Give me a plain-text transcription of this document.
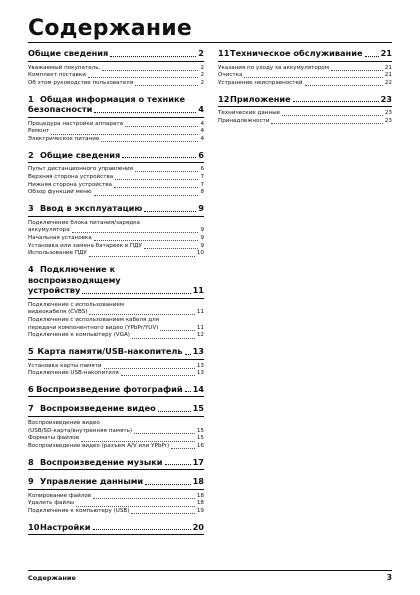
Содержание
Общие сведения	2
Уважаемый покупатель,	2
Комплект поставки	2
Об этом руководстве пользователя	2
1 Общая информация о технике
безопасности	4
Процедура настройки аппарата	4
Ремонт	4
Электрическое питание	4
2 Общие сведения	6
Пульт дистанционного управления	6
Верхняя сторона устройства	7
Нижняя сторона устройства	7
Обзор функций меню	8
3 Ввод в эксплуатацию	9
Подключение блока питания/зарядка
аккумулятора	9
Начальная установка	9
Установка или замена батареек в ПДУ	9
Использование ПДУ	10
4 Подключение к воспроизводящему
устройству	11
Подключение с использованием
видеокабеля (CVBS)	11
Подключение с использованием кабеля для
передачи компонентного видео (YPbPr/YUV)	11
Подключение к компьютеру (VGA)	12
5 Карта памяти/USB-накопитель 13
Установка карты памяти	13
Подключение USB-накопителя	13
6 Воспроизведение фотографий 14
7 Воспроизведение видео	15
Воспроизведение видео
(USB/SD-карта/внутренняя память)	15
Форматы файлов	15
Воспроизведение видео (разъем A/V или YPbPr)	16
8 Воспроизведение музыки	17
9 Управление данными	18
Копирование файлов	18
Удалить файлы	18
Подключение к компьютеру (USB)	19
10 Настройки	20
11 Техническое обслуживание 21
Указания по уходу за аккумулятором	21
Очистка	21
Устранение неисправностей	22
12 Приложение	23
Технические данные	23
Принадлежности	23
Содержание	3
